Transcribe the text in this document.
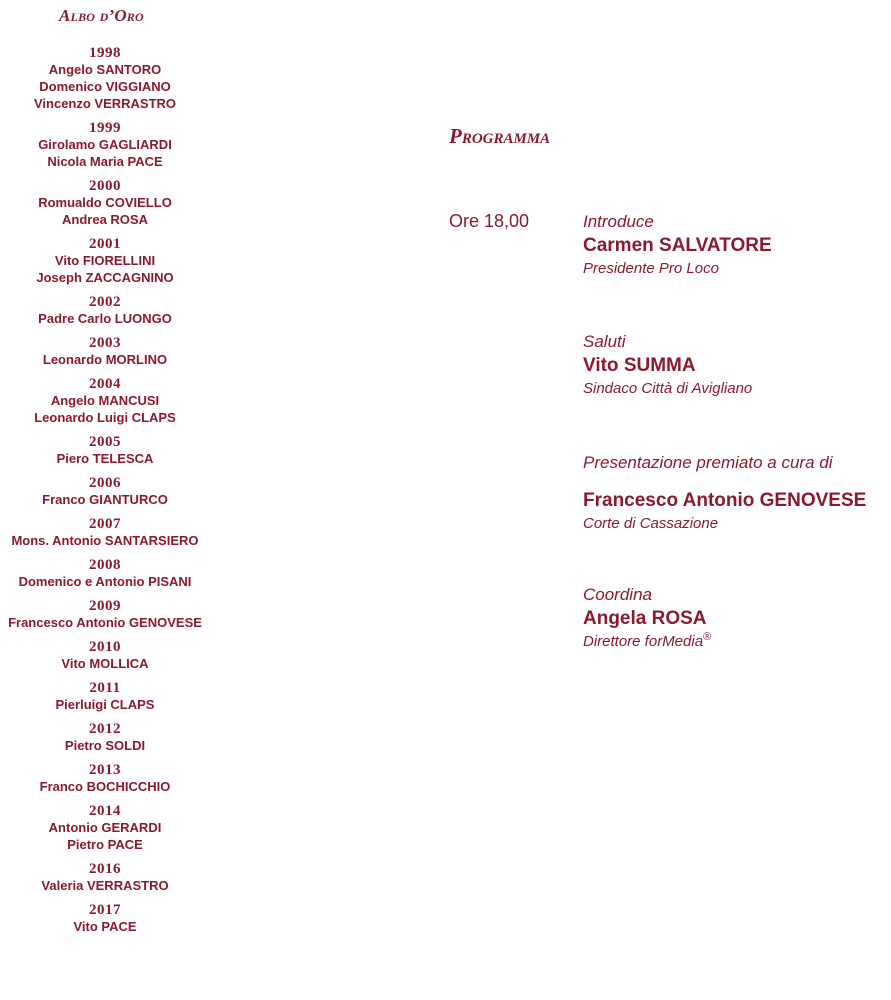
Albo d’Oro
1998
Angelo SANTORO
Domenico VIGGIANO
Vincenzo VERRASTRO
1999
Girolamo GAGLIARDI
Nicola Maria PACE
2000
Romualdo COVIELLO
Andrea ROSA
2001
Vito FIORELLINI
Joseph ZACCAGNINO
2002
Padre Carlo LUONGO
2003
Leonardo MORLINO
2004
Angelo MANCUSI
Leonardo Luigi CLAPS
2005
Piero TELESCA
2006
Franco GIANTURCO
2007
Mons. Antonio SANTARSIERO
2008
Domenico e Antonio PISANI
2009
Francesco Antonio GENOVESE
2010
Vito MOLLICA
2011
Pierluigi CLAPS
2012
Pietro SOLDI
2013
Franco BOCHICCHIO
2014
Antonio GERARDI
Pietro PACE
2016
Valeria VERRASTRO
2017
Vito PACE
Programma
Ore 18,00	Introduce
Carmen SALVATORE
Presidente Pro Loco
Saluti
Vito SUMMA
Sindaco Città di Avigliano
Presentazione premiato a cura di
Francesco Antonio GENOVESE
Corte di Cassazione
Coordina
Angela ROSA
Direttore forMedia®
